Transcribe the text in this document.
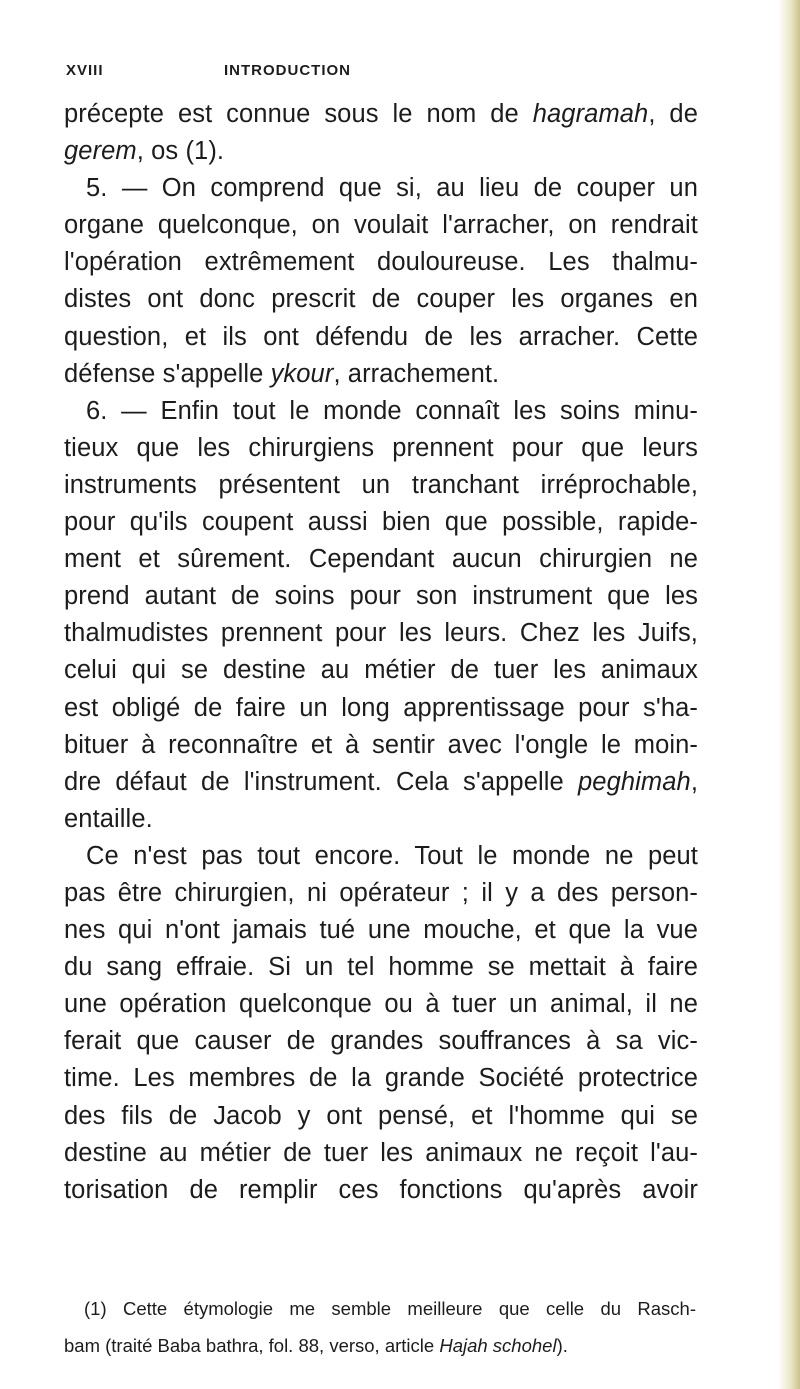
XVIII	INTRODUCTION
précepte est connue sous le nom de hagramah, de
gerem, os (1).
5. — On comprend que si, au lieu de couper un
organe quelconque, on voulait l'arracher, on rendrait
l'opération extrêmement douloureuse. Les thalmu-
distes ont donc prescrit de couper les organes en
question, et ils ont défendu de les arracher. Cette
défense s'appelle ykour, arrachement.
6. — Enfin tout le monde connaît les soins minu-
tieux que les chirurgiens prennent pour que leurs
instruments présentent un tranchant irréprochable,
pour qu'ils coupent aussi bien que possible, rapide-
ment et sûrement. Cependant aucun chirurgien ne
prend autant de soins pour son instrument que les
thalmudistes prennent pour les leurs. Chez les Juifs,
celui qui se destine au métier de tuer les animaux
est obligé de faire un long apprentissage pour s'ha-
bituer à reconnaître et à sentir avec l'ongle le moin-
dre défaut de l'instrument. Cela s'appelle peghimah,
entaille.
Ce n'est pas tout encore. Tout le monde ne peut
pas être chirurgien, ni opérateur ; il y a des person-
nes qui n'ont jamais tué une mouche, et que la vue
du sang effraie. Si un tel homme se mettait à faire
une opération quelconque ou à tuer un animal, il ne
ferait que causer de grandes souffrances à sa vic-
time. Les membres de la grande Société protectrice
des fils de Jacob y ont pensé, et l'homme qui se
destine au métier de tuer les animaux ne reçoit l'au-
torisation de remplir ces fonctions qu'après avoir
(1) Cette étymologie me semble meilleure que celle du Rasch-
bam (traité Baba bathra, fol. 88, verso, article Hajah schohel).
